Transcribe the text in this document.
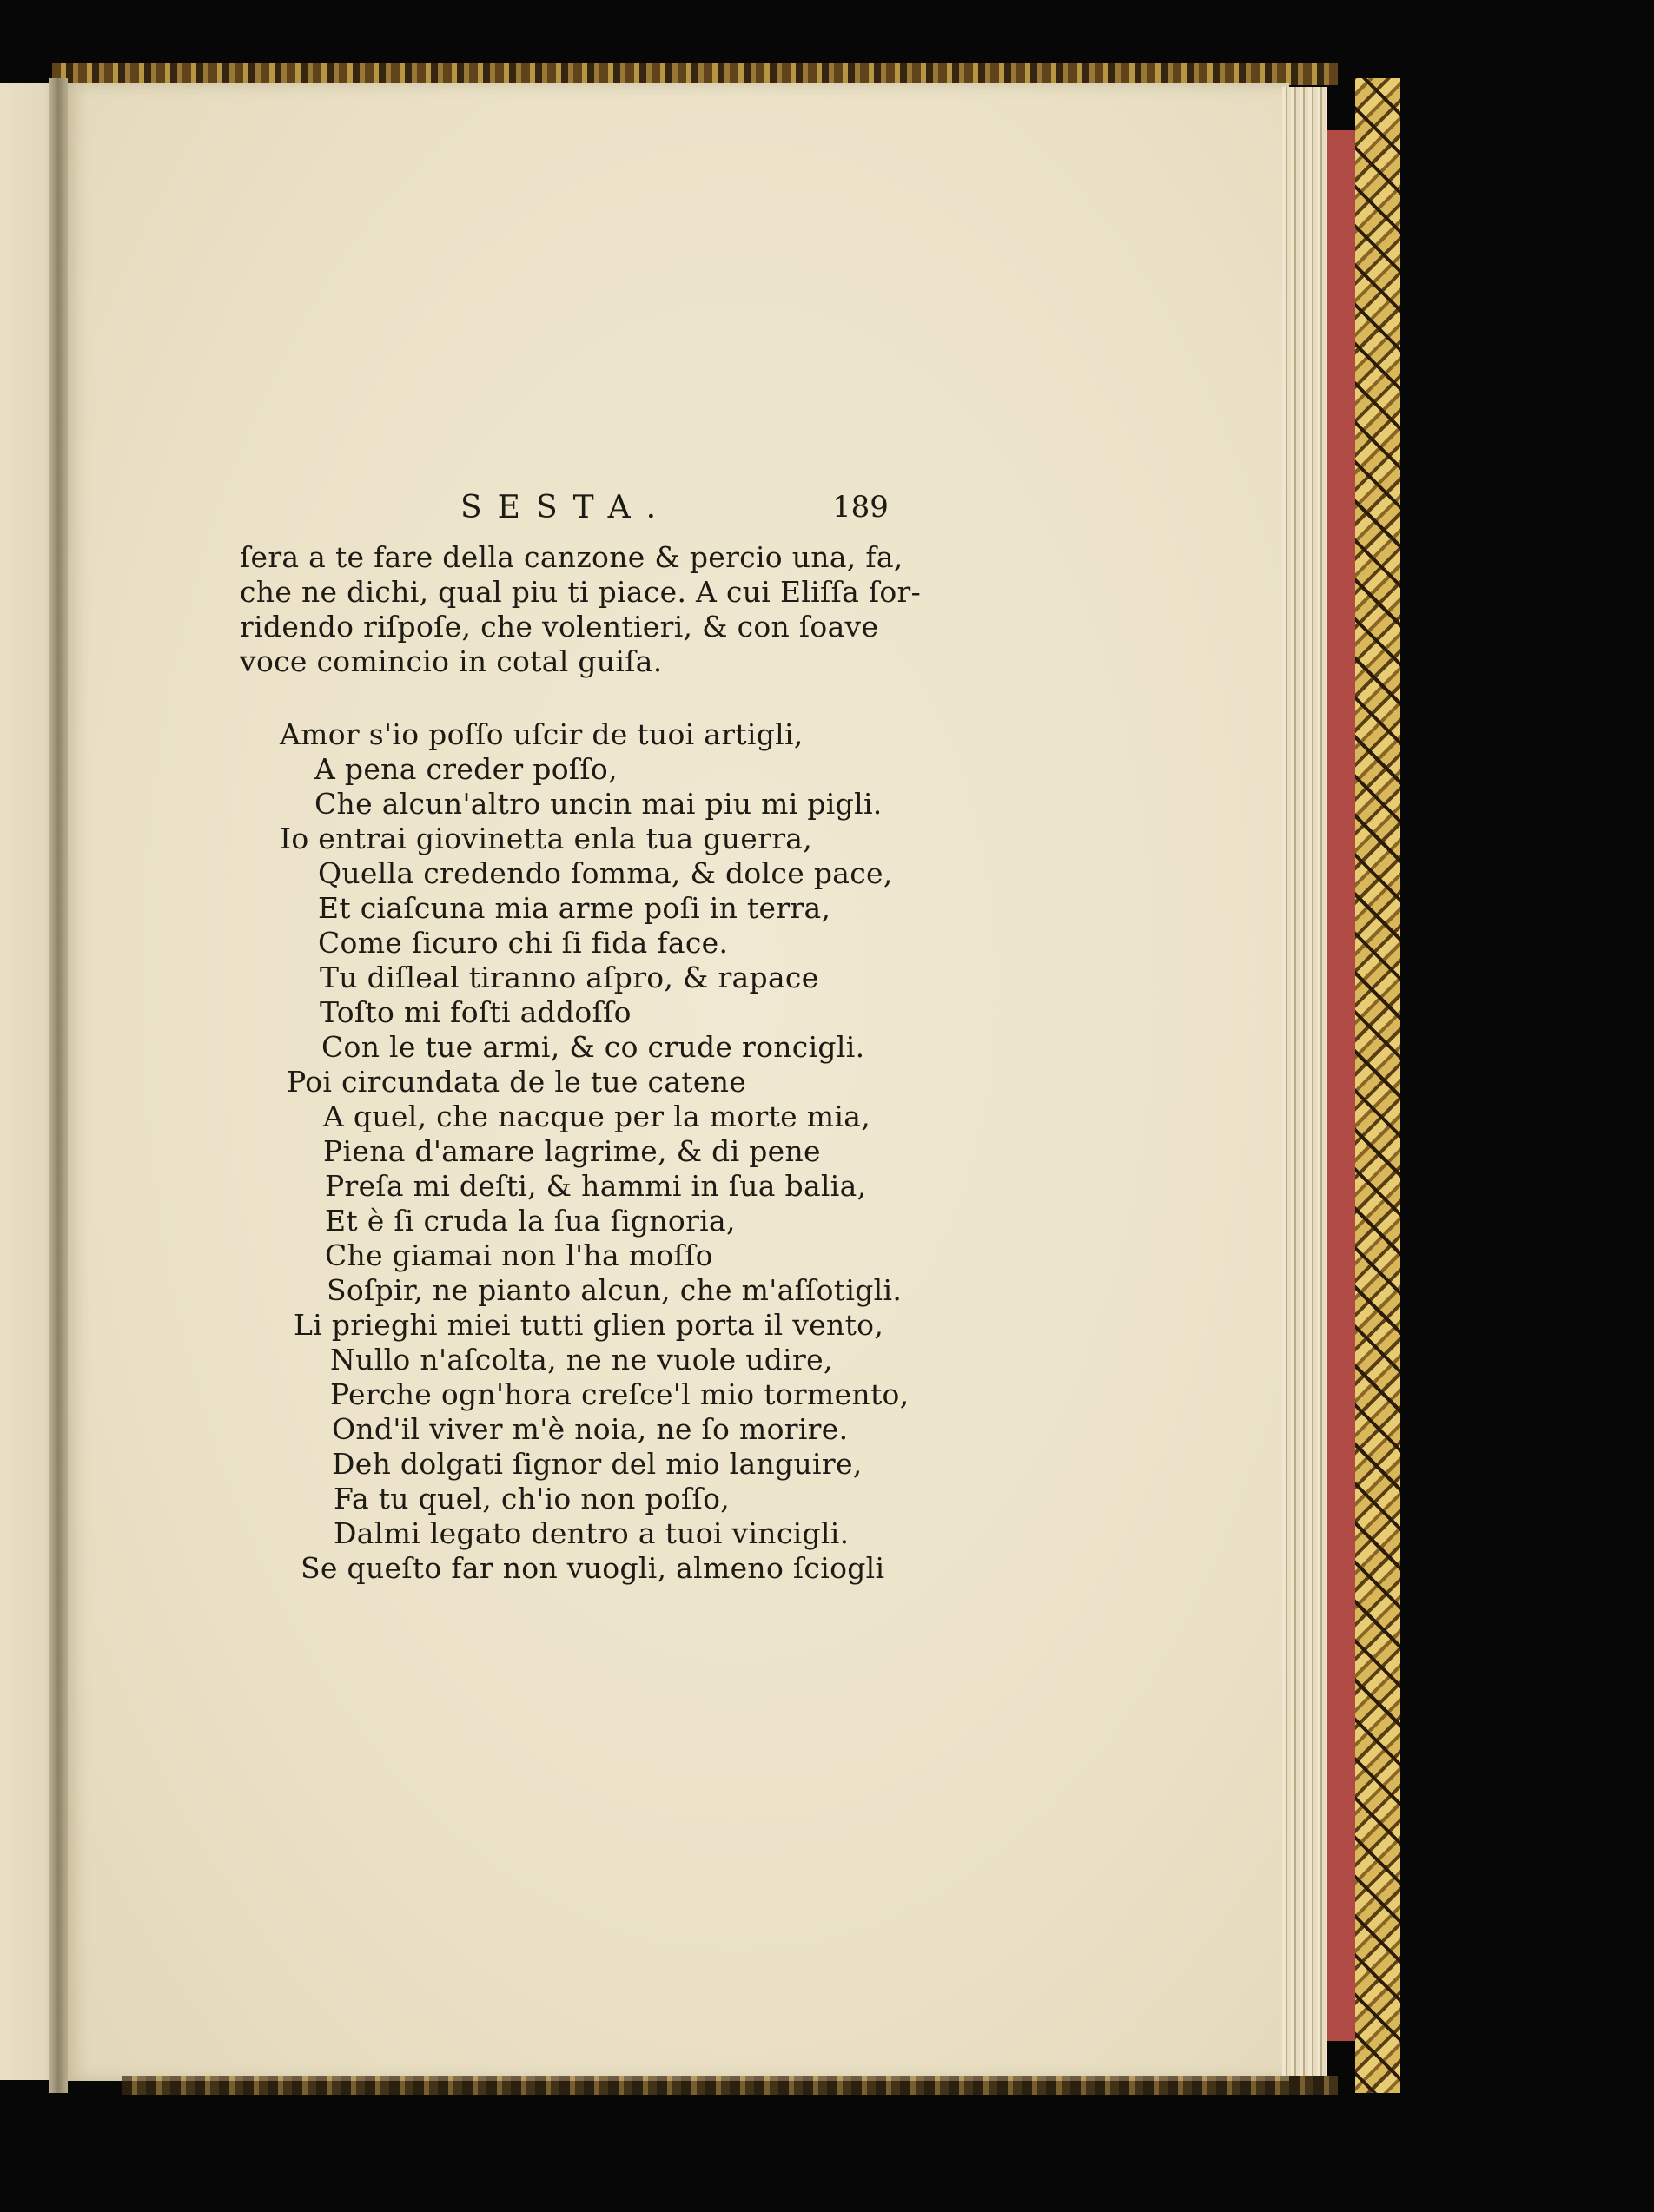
SESTA.	189
ſera a te fare della canzone & percio una, fa,
che ne dichi, qual piu ti piace. A cui Eliſſa ſor-
ridendo riſpoſe, che volentieri, & con ſoave
voce comincio in cotal guiſa.
Amor s'io poſſo uſcir de tuoi artigli,
A pena creder poſſo,
Che alcun'altro uncin mai piu mi pigli.
Io entrai giovinetta enla tua guerra,
Quella credendo ſomma, & dolce pace,
Et ciaſcuna mia arme poſi in terra,
Come ſicuro chi ſi fida face.
Tu diſleal tiranno aſpro, & rapace
Toſto mi foſti addoſſo
Con le tue armi, & co crude roncigli.
Poi circundata de le tue catene
A quel, che nacque per la morte mia,
Piena d'amare lagrime, & di pene
Preſa mi deſti, & hammi in ſua balia,
Et è ſi cruda la ſua ſignoria,
Che giamai non l'ha moſſo
Soſpir, ne pianto alcun, che m'aſſotigli.
Li prieghi miei tutti glien porta il vento,
Nullo n'aſcolta, ne ne vuole udire,
Perche ogn'hora creſce'l mio tormento,
Ond'il viver m'è noia, ne ſo morire.
Deh dolgati ſignor del mio languire,
Fa tu quel, ch'io non poſſo,
Dalmi legato dentro a tuoi vincigli.
Se queſto far non vuogli, almeno ſciogli
